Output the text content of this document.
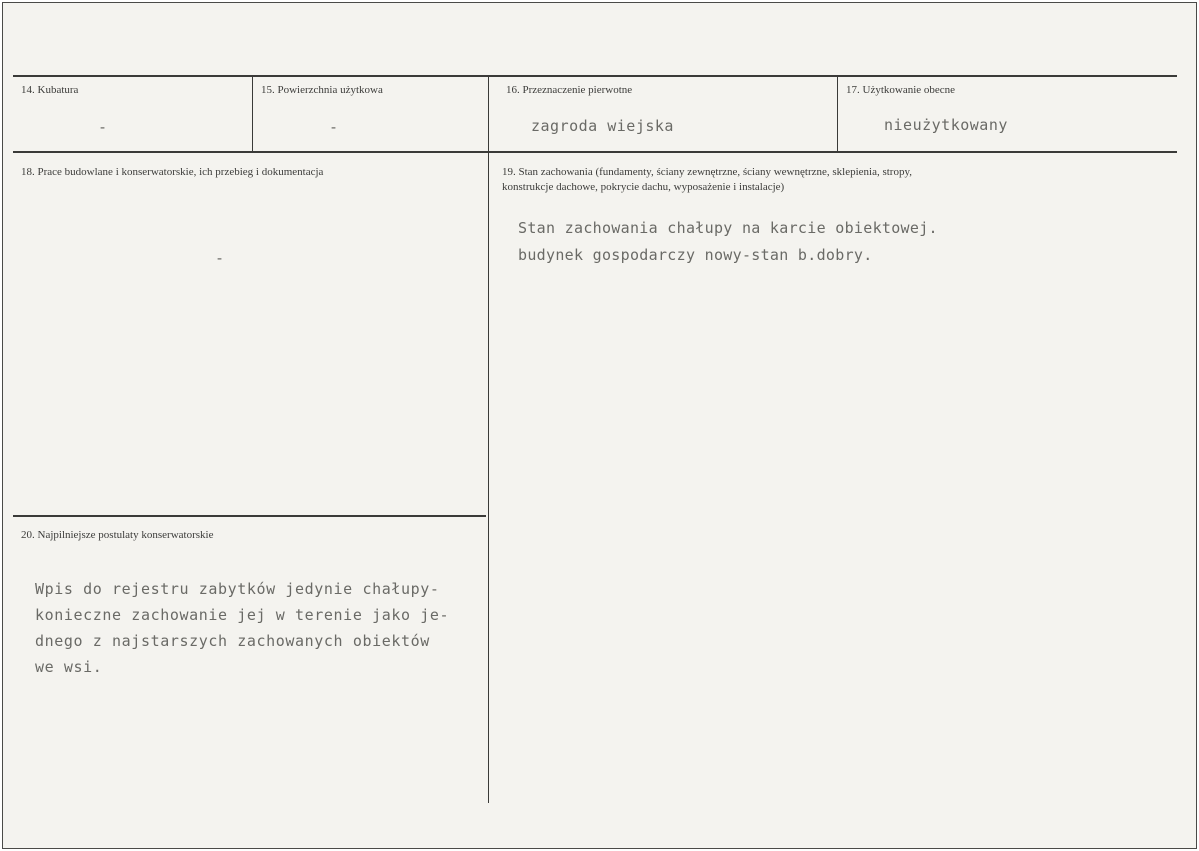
14. Kubatura
-
15. Powierzchnia użytkowa
-
16. Przeznaczenie pierwotne
zagroda wiejska
17. Użytkowanie obecne
nieużytkowany
18. Prace budowlane i konserwatorskie, ich przebieg i dokumentacja
-
19. Stan zachowania (fundamenty, ściany zewnętrzne, ściany wewnętrzne, sklepienia, stropy,
konstrukcje dachowe, pokrycie dachu, wyposażenie i instalacje)
Stan zachowania chałupy na karcie obiektowej.
budynek gospodarczy nowy-stan b.dobry.
20. Najpilniejsze postulaty konserwatorskie
Wpis do rejestru zabytków jedynie chałupy-
konieczne zachowanie jej w terenie jako je-
dnego z najstarszych zachowanych obiektów
we wsi.
